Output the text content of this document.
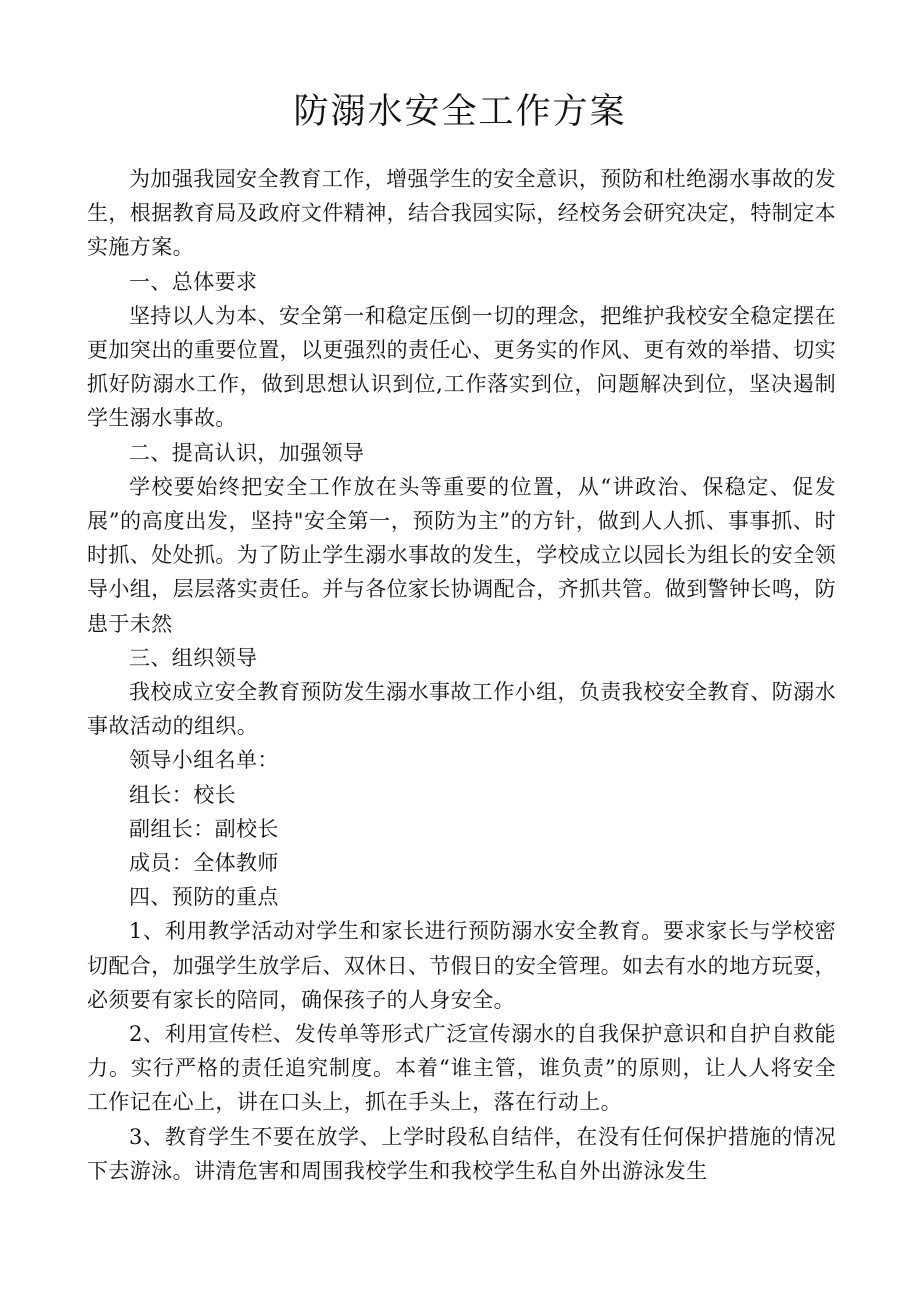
防溺水安全工作方案

为加强我园安全教育工作，增强学生的安全意识，预防和杜绝溺水事故的发生，根据教育局及政府文件精神，结合我园实际，经校务会研究决定，特制定本实施方案。

一、总体要求

坚持以人为本、安全第一和稳定压倒一切的理念，把维护我校安全稳定摆在更加突出的重要位置，以更强烈的责任心、更务实的作风、更有效的举措、切实抓好防溺水工作，做到思想认识到位,工作落实到位，问题解决到位，坚决遏制学生溺水事故。

二、提高认识，加强领导

学校要始终把安全工作放在头等重要的位置，从“讲政治、保稳定、促发展”的高度出发，坚持"安全第一，预防为主”的方针，做到人人抓、事事抓、时时抓、处处抓。为了防止学生溺水事故的发生，学校成立以园长为组长的安全领导小组，层层落实责任。并与各位家长协调配合，齐抓共管。做到警钟长鸣，防患于未然

三、组织领导

我校成立安全教育预防发生溺水事故工作小组，负责我校安全教育、防溺水事故活动的组织。

领导小组名单：

组长：校长

副组长：副校长

成员：全体教师

四、预防的重点

1、利用教学活动对学生和家长进行预防溺水安全教育。要求家长与学校密切配合，加强学生放学后、双休日、节假日的安全管理。如去有水的地方玩耍，必须要有家长的陪同，确保孩子的人身安全。

2、利用宣传栏、发传单等形式广泛宣传溺水的自我保护意识和自护自救能力。实行严格的责任追究制度。本着“谁主管，谁负责”的原则，让人人将安全工作记在心上，讲在口头上，抓在手头上，落在行动上。

3、教育学生不要在放学、上学时段私自结伴，在没有任何保护措施的情况下去游泳。讲清危害和周围我校学生和我校学生私自外出游泳发生
